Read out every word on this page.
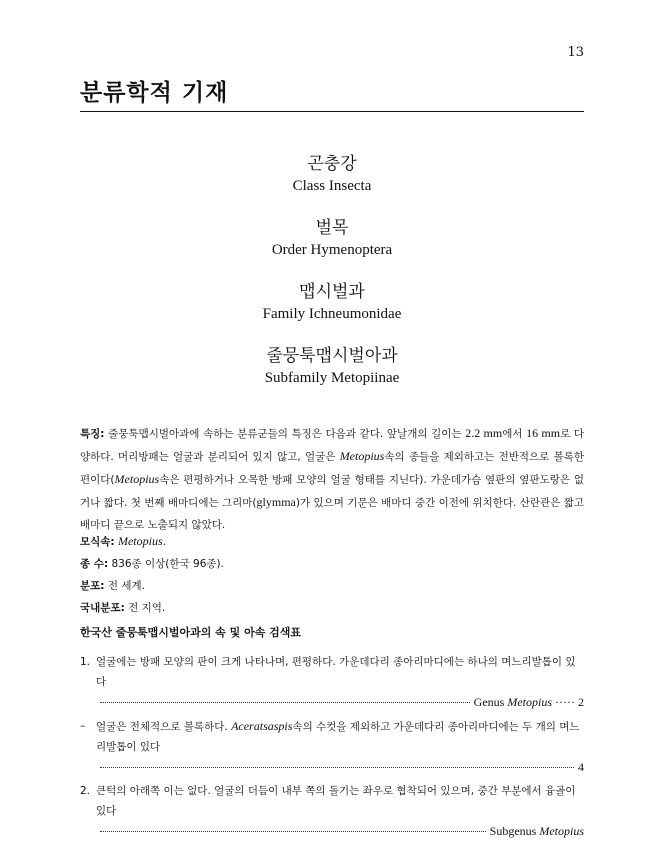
13
분류학적 기재
곤충강
Class Insecta
벌목
Order Hymenoptera
맵시벌과
Family Ichneumonidae
줄뭉툭맵시벌아과
Subfamily Metopiinae
특징: 줄뭉툭맵시벌아과에 속하는 분류군들의 특징은 다음과 같다. 앞날개의 길이는 2.2 mm에서 16 mm로 다양하다. 머리방패는 얼굴과 분리되어 있지 않고, 얼굴은 Metopius속의 종들을 제외하고는 전반적으로 볼록한 편이다(Metopius속은 편평하거나 오목한 방패 모양의 얼굴 형태를 지닌다). 가운데가슴 옆판의 옆판도랑은 없거나 짧다. 첫 번째 배마디에는 그리마(glymma)가 있으며 기문은 배마디 중간 이전에 위치한다. 산란관은 짧고 배마디 끝으로 노출되지 않았다.
모식속: Metopius.
종 수: 836종 이상(한국 96종).
분포: 전 세계.
국내분포: 전 지역.
한국산 줄뭉툭맵시벌아과의 속 및 아속 검색표
1. 얼굴에는 방패 모양의 판이 크게 나타나며, 편평하다. 가운데다리 종아리마디에는 하나의 며느리발톱이 있다
Genus Metopius ····· 2
–	얼굴은 전체적으로 볼록하다. Aceratsaspis속의 수컷을 제외하고 가운데다리 종아리마디에는 두 개의 며느리발톱이 있다
4
2. 큰턱의 아래쪽 이는 없다. 얼굴의 더듬이 내부 쪽의 돌기는 좌우로 협착되어 있으며, 중간 부분에서 융골이 있다
Subgenus Metopius
